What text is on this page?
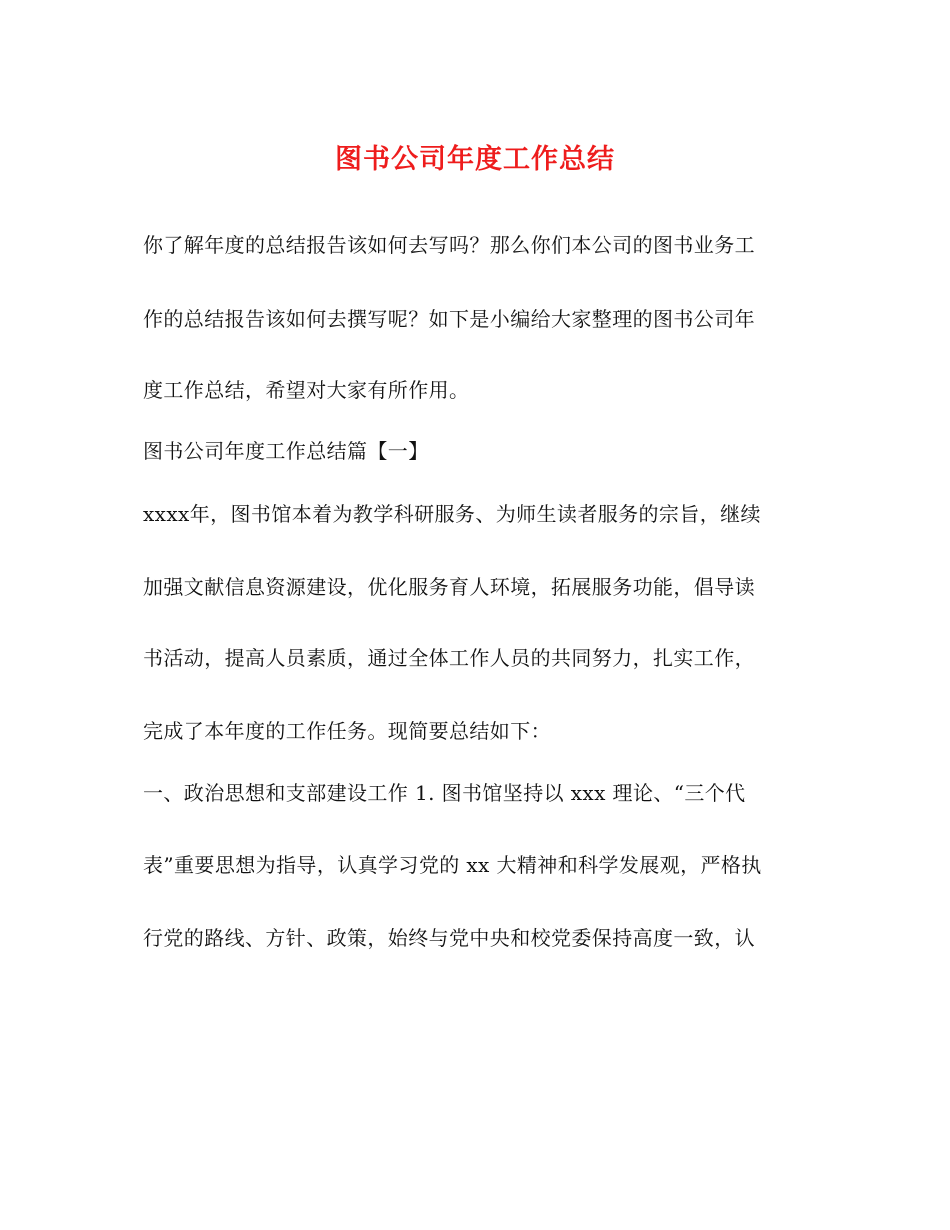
图书公司年度工作总结

你了解年度的总结报告该如何去写吗？那么你们本公司的图书业务工

作的总结报告该如何去撰写呢？如下是小编给大家整理的图书公司年

度工作总结，希望对大家有所作用。

图书公司年度工作总结篇【一】

xxxx年，图书馆本着为教学科研服务、为师生读者服务的宗旨，继续

加强文献信息资源建设，优化服务育人环境，拓展服务功能，倡导读

书活动，提高人员素质，通过全体工作人员的共同努力，扎实工作，

完成了本年度的工作任务。现简要总结如下：

一、政治思想和支部建设工作 1. 图书馆坚持以 xxx 理论、“三个代

表”重要思想为指导，认真学习党的 xx 大精神和科学发展观，严格执

行党的路线、方针、政策，始终与党中央和校党委保持高度一致，认
